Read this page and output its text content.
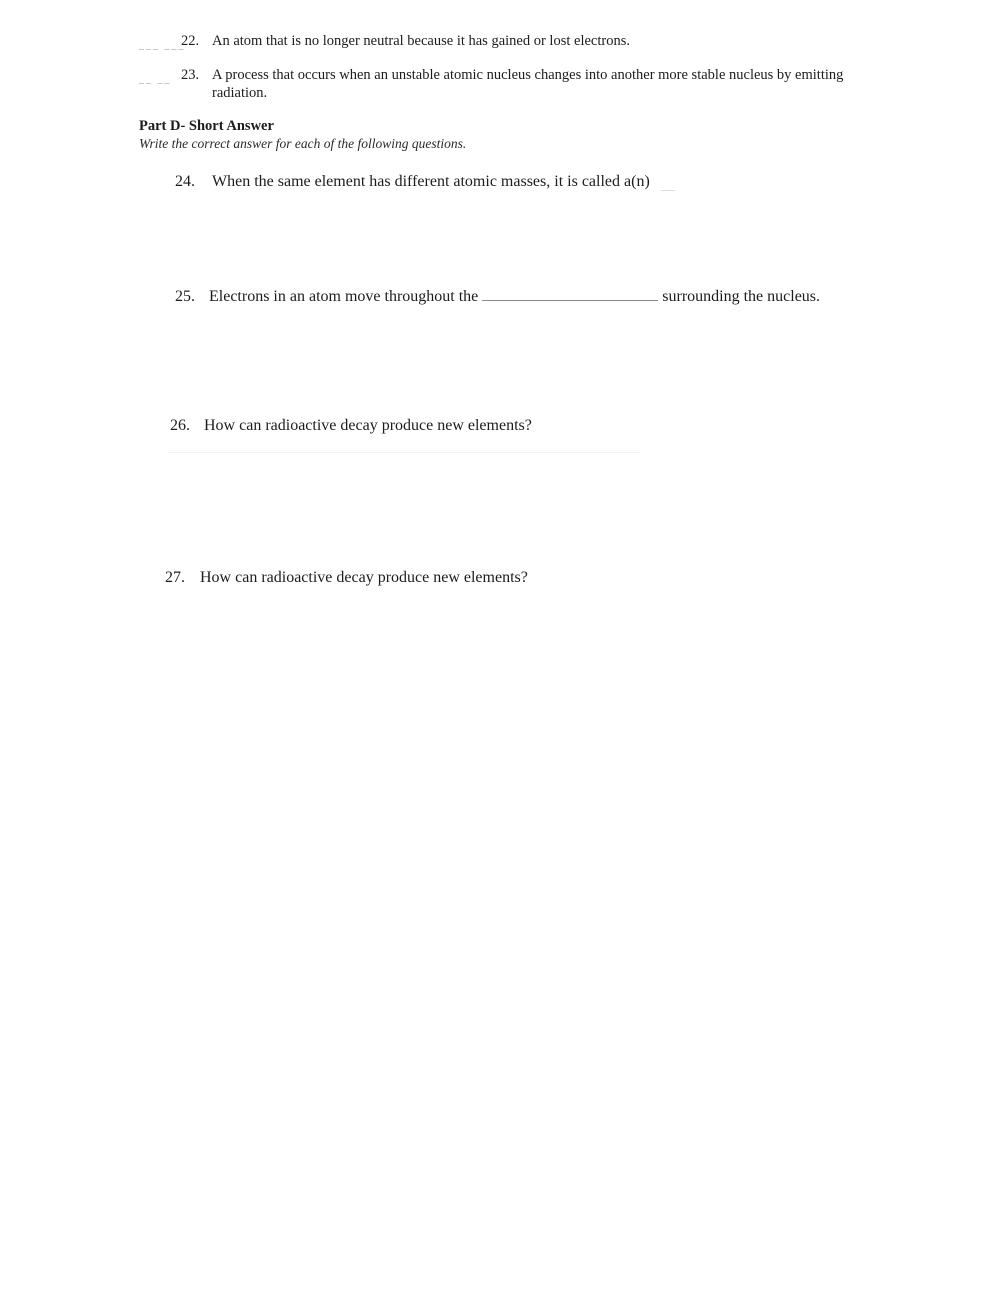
___ ___
22. An atom that is no longer neutral because it has gained or lost electrons.
__ __ 23. A process that occurs when an unstable atomic nucleus changes into another more stable nucleus by emitting
radiation.
Part D- Short Answer
Write the correct answer for each of the following questions.
24. When the same element has different atomic masses, it is called a(n)
25. Electrons in an atom move throughout the	surrounding the nucleus.
26. How can radioactive decay produce new elements?
27. How can radioactive decay produce new elements?
